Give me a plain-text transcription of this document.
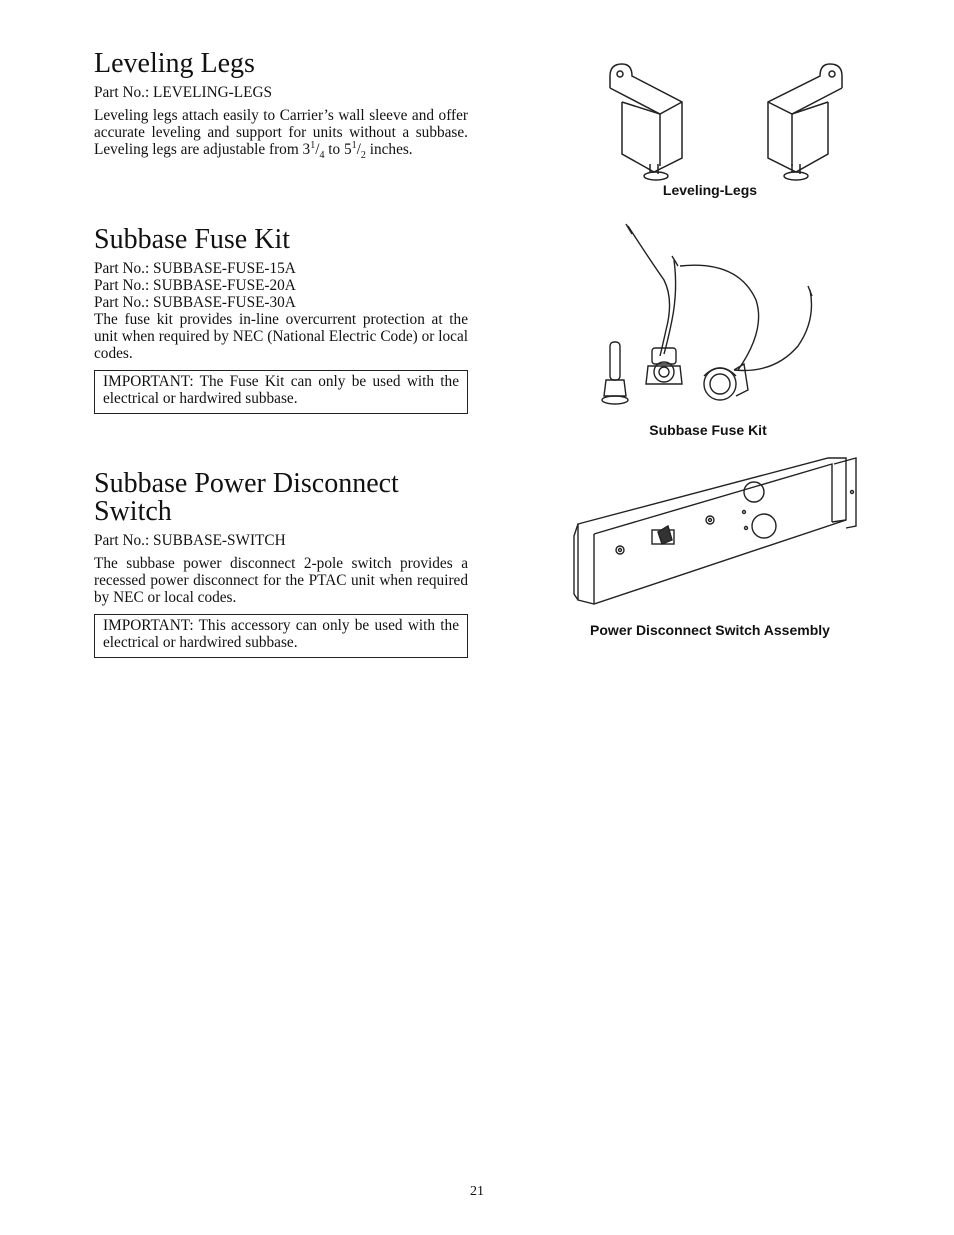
Leveling Legs

Part No.: LEVELING-LEGS

Leveling legs attach easily to Carrier’s wall sleeve and offer accurate leveling and support for units without a subbase. Leveling legs are adjustable from $3^1/_4$ to $5^1/_2$ inches.

Subbase Fuse Kit

Part No.: SUBBASE-FUSE-15A

Part No.: SUBBASE-FUSE-20A

Part No.: SUBBASE-FUSE-30A

The fuse kit provides in-line overcurrent protection at the unit when required by NEC (National Electric Code) or local codes.

IMPORTANT: The Fuse Kit can only be used with the electrical or hardwired subbase.
Subbase Power Disconnect Switch

Part No.: SUBBASE-SWITCH

The subbase power disconnect 2-pole switch provides a recessed power disconnect for the PTAC unit when required by NEC or local codes.

IMPORTANT: This accessory can only be used with the electrical or hardwired subbase.
Leveling-Legs
Subbase Fuse Kit
Power Disconnect Switch Assembly
21
